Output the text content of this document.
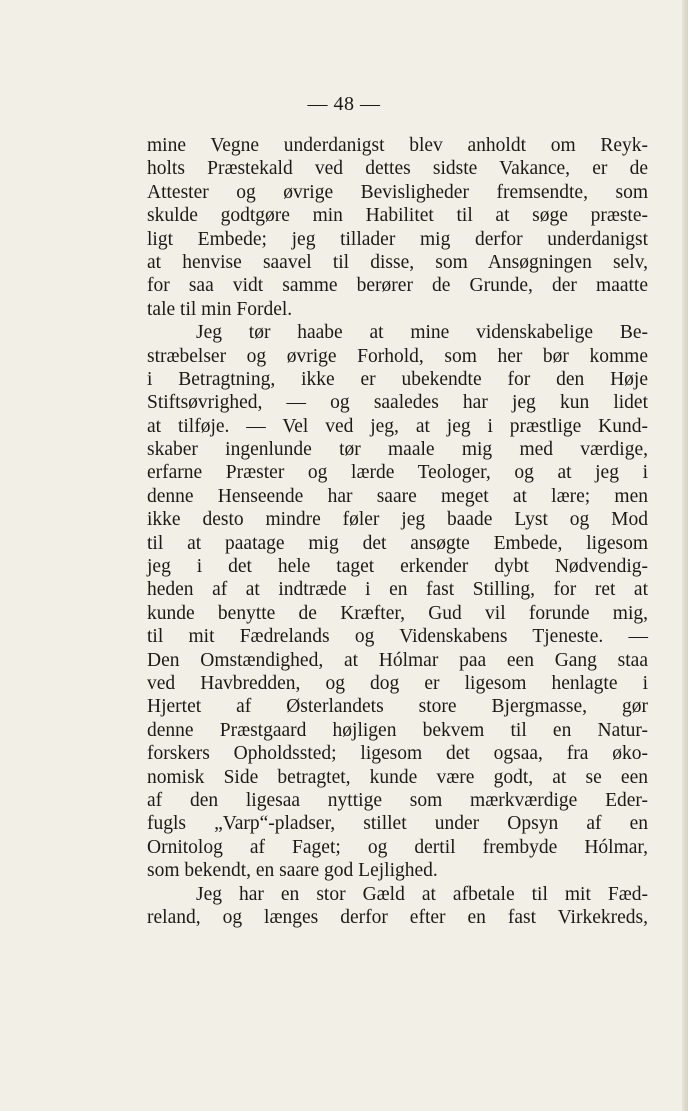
— 48 —
mine Vegne underdanigst blev anholdt om Reyk-
holts Præstekald ved dettes sidste Vakance, er de
Attester og øvrige Bevisligheder fremsendte, som
skulde godtgøre min Habilitet til at søge præste-
ligt Embede; jeg tillader mig derfor underdanigst
at henvise saavel til disse, som Ansøgningen selv,
for saa vidt samme berører de Grunde, der maatte
tale til min Fordel.
Jeg tør haabe at mine videnskabelige Be-
stræbelser og øvrige Forhold, som her bør komme
i Betragtning, ikke er ubekendte for den Høje
Stiftsøvrighed, — og saaledes har jeg kun lidet
at tilføje. — Vel ved jeg, at jeg i præstlige Kund-
skaber ingenlunde tør maale mig med værdige,
erfarne Præster og lærde Teologer, og at jeg i
denne Henseende har saare meget at lære; men
ikke desto mindre føler jeg baade Lyst og Mod
til at paatage mig det ansøgte Embede, ligesom
jeg i det hele taget erkender dybt Nødvendig-
heden af at indtræde i en fast Stilling, for ret at
kunde benytte de Kræfter, Gud vil forunde mig,
til mit Fædrelands og Videnskabens Tjeneste. —
Den Omstændighed, at Hólmar paa een Gang staa
ved Havbredden, og dog er ligesom henlagte i
Hjertet af Østerlandets store Bjergmasse, gør
denne Præstgaard højligen bekvem til en Natur-
forskers Opholdssted; ligesom det ogsaa, fra øko-
nomisk Side betragtet, kunde være godt, at se een
af den ligesaa nyttige som mærkværdige Eder-
fugls „Varp“-pladser, stillet under Opsyn af en
Ornitolog af Faget; og dertil frembyde Hólmar,
som bekendt, en saare god Lejlighed.
Jeg har en stor Gæld at afbetale til mit Fæd-
reland, og længes derfor efter en fast Virkekreds,
